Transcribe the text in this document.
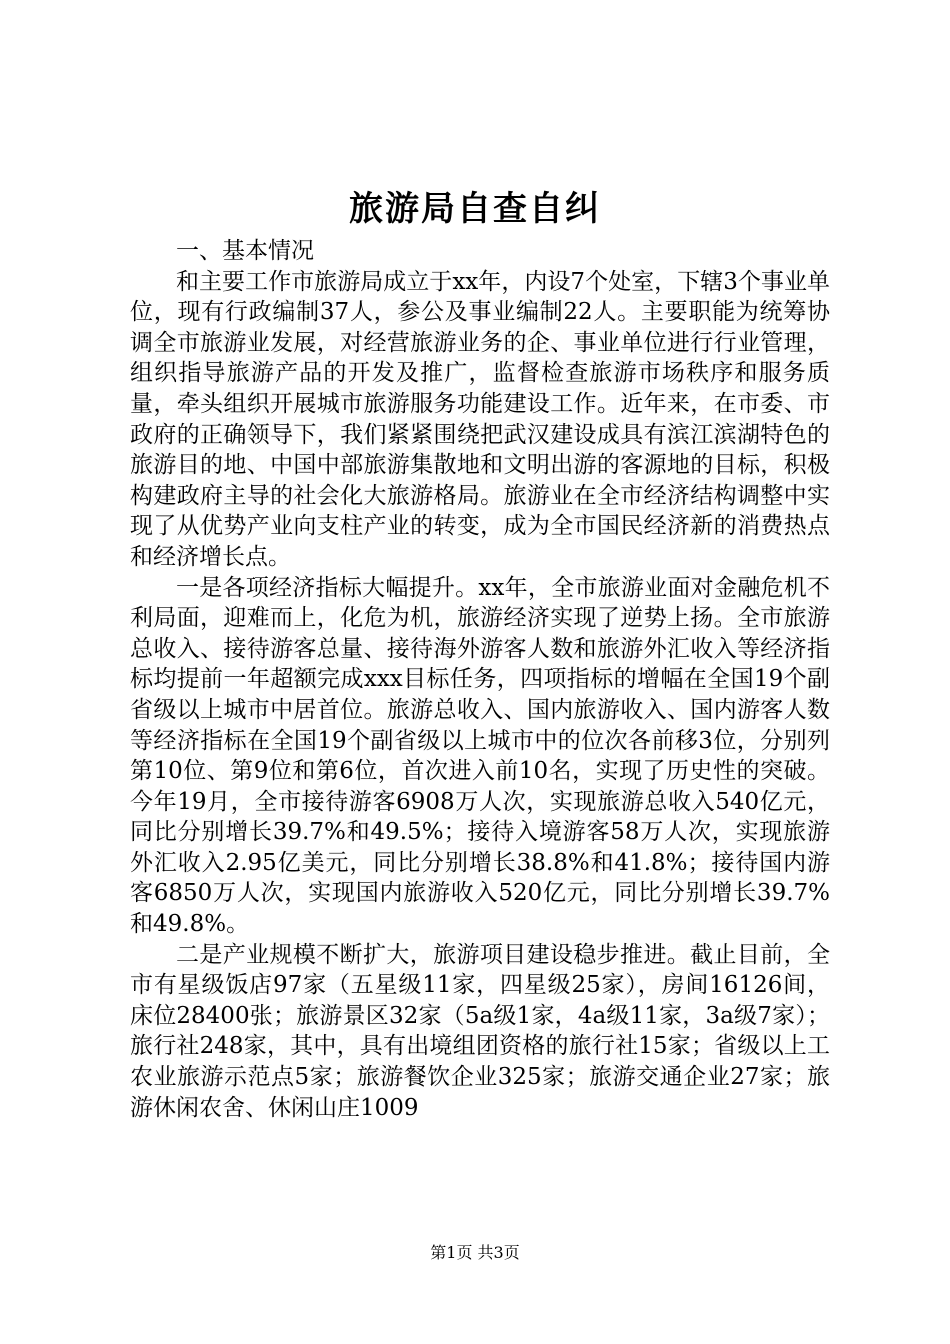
旅游局自查自纠

一、基本情况

和主要工作市旅游局成立于xx年，内设7个处室，下辖3个事业单位，现有行政编制37人，参公及事业编制22人。主要职能为统筹协调全市旅游业发展，对经营旅游业务的企、事业单位进行行业管理，组织指导旅游产品的开发及推广，监督检查旅游市场秩序和服务质量，牵头组织开展城市旅游服务功能建设工作。近年来，在市委、市政府的正确领导下，我们紧紧围绕把武汉建设成具有滨江滨湖特色的旅游目的地、中国中部旅游集散地和文明出游的客源地的目标，积极构建政府主导的社会化大旅游格局。旅游业在全市经济结构调整中实现了从优势产业向支柱产业的转变，成为全市国民经济新的消费热点和经济增长点。

一是各项经济指标大幅提升。xx年，全市旅游业面对金融危机不利局面，迎难而上，化危为机，旅游经济实现了逆势上扬。全市旅游总收入、接待游客总量、接待海外游客人数和旅游外汇收入等经济指标均提前一年超额完成xxx目标任务，四项指标的增幅在全国19个副省级以上城市中居首位。旅游总收入、国内旅游收入、国内游客人数等经济指标在全国19个副省级以上城市中的位次各前移3位，分别列第10位、第9位和第6位，首次进入前10名，实现了历史性的突破。今年19月，全市接待游客6908万人次，实现旅游总收入540亿元，同比分别增长39.7%和49.5%；接待入境游客58万人次，实现旅游外汇收入2.95亿美元，同比分别增长38.8%和41.8%；接待国内游客6850万人次，实现国内旅游收入520亿元，同比分别增长39.7%和49.8%。

二是产业规模不断扩大，旅游项目建设稳步推进。截止目前，全市有星级饭店97家（五星级11家，四星级25家），房间16126间，床位28400张；旅游景区32家（5a级1家，4a级11家，3a级7家）；旅行社248家，其中，具有出境组团资格的旅行社15家；省级以上工农业旅游示范点5家；旅游餐饮企业325家；旅游交通企业27家；旅游休闲农舍、休闲山庄1009

第1页 共3页
